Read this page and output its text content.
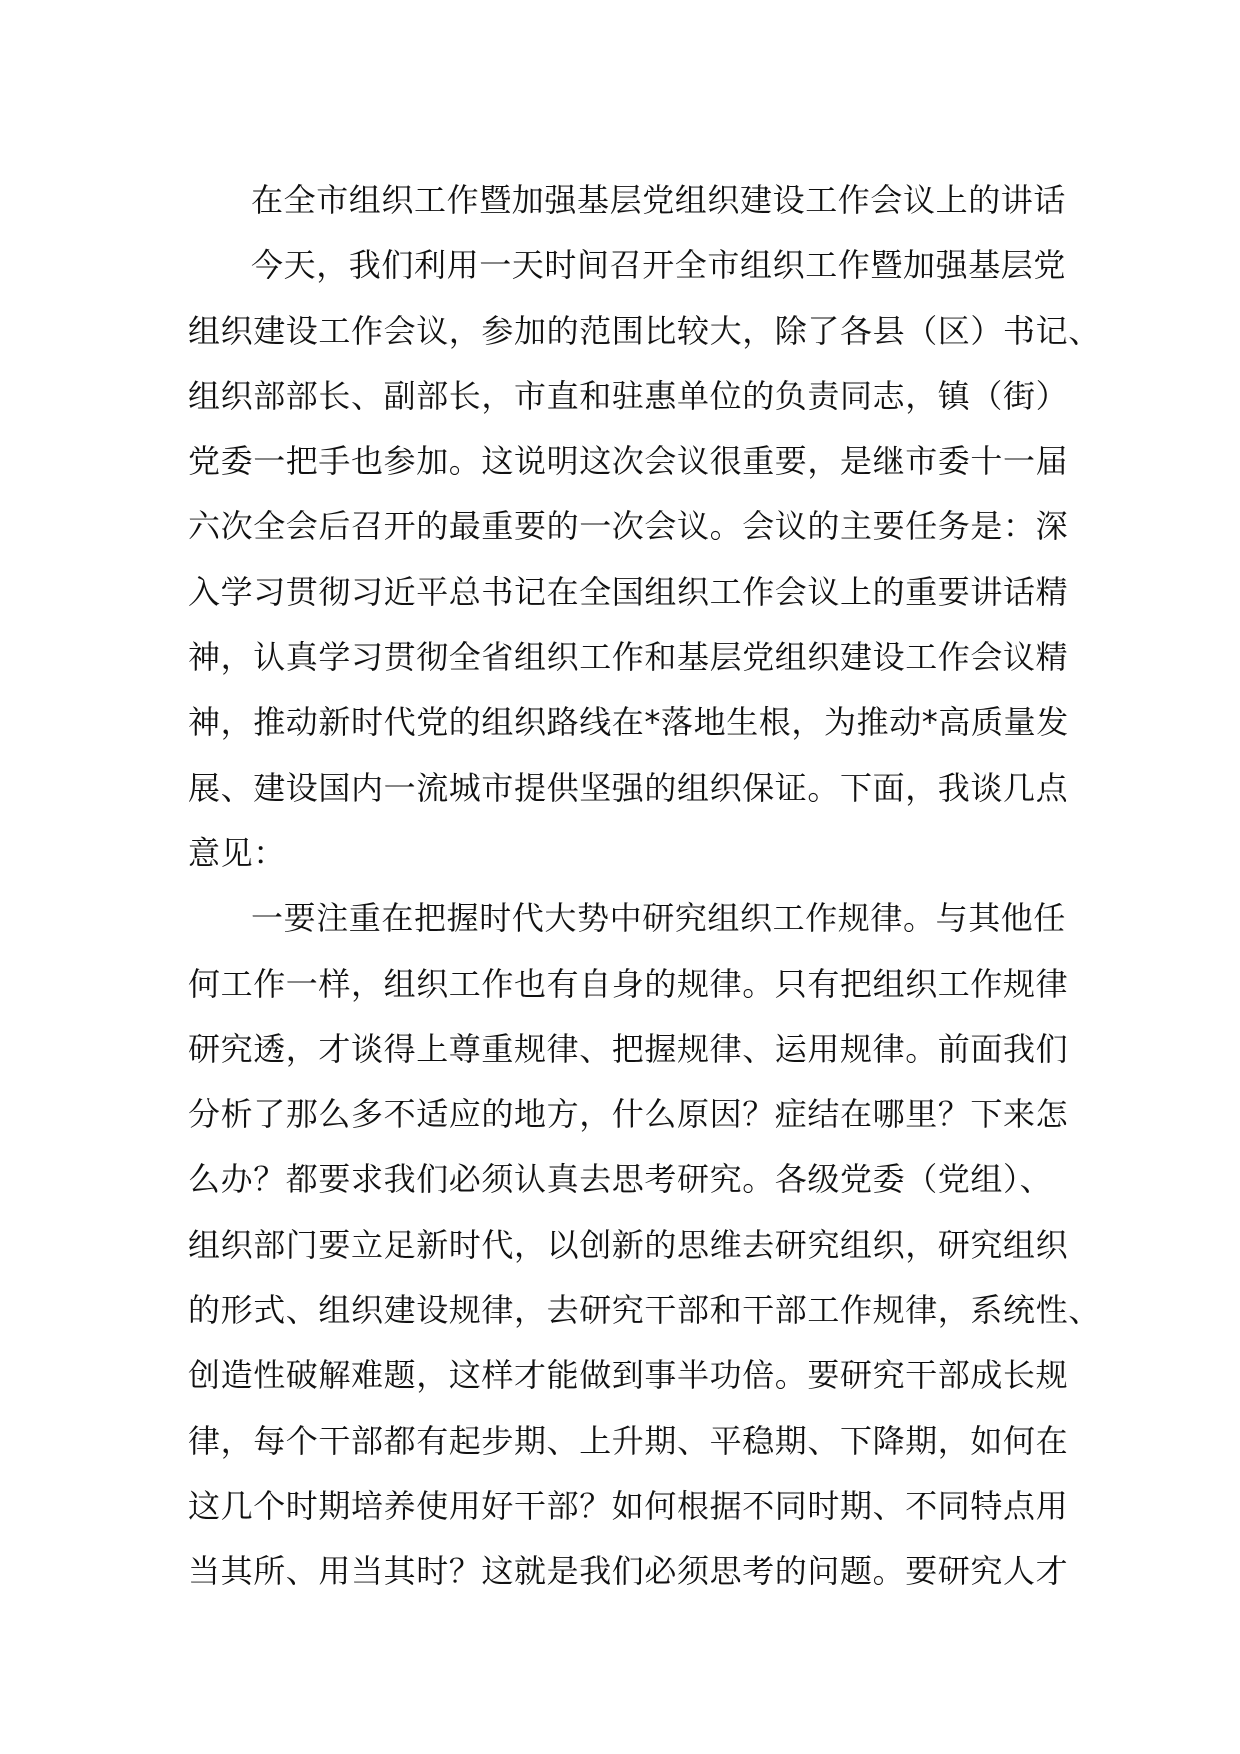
在全市组织工作暨加强基层党组织建设工作会议上的讲话
今天，我们利用一天时间召开全市组织工作暨加强基层党
组织建设工作会议，参加的范围比较大，除了各县（区）书记、
组织部部长、副部长，市直和驻惠单位的负责同志，镇（街）
党委一把手也参加。这说明这次会议很重要，是继市委十一届
六次全会后召开的最重要的一次会议。会议的主要任务是：深
入学习贯彻习近平总书记在全国组织工作会议上的重要讲话精
神，认真学习贯彻全省组织工作和基层党组织建设工作会议精
神，推动新时代党的组织路线在*落地生根，为推动*高质量发
展、建设国内一流城市提供坚强的组织保证。下面，我谈几点
意见：
一要注重在把握时代大势中研究组织工作规律。与其他任
何工作一样，组织工作也有自身的规律。只有把组织工作规律
研究透，才谈得上尊重规律、把握规律、运用规律。前面我们
分析了那么多不适应的地方，什么原因？症结在哪里？下来怎
么办？都要求我们必须认真去思考研究。各级党委（党组）、
组织部门要立足新时代，以创新的思维去研究组织，研究组织
的形式、组织建设规律，去研究干部和干部工作规律，系统性、
创造性破解难题，这样才能做到事半功倍。要研究干部成长规
律，每个干部都有起步期、上升期、平稳期、下降期，如何在
这几个时期培养使用好干部？如何根据不同时期、不同特点用
当其所、用当其时？这就是我们必须思考的问题。要研究人才
